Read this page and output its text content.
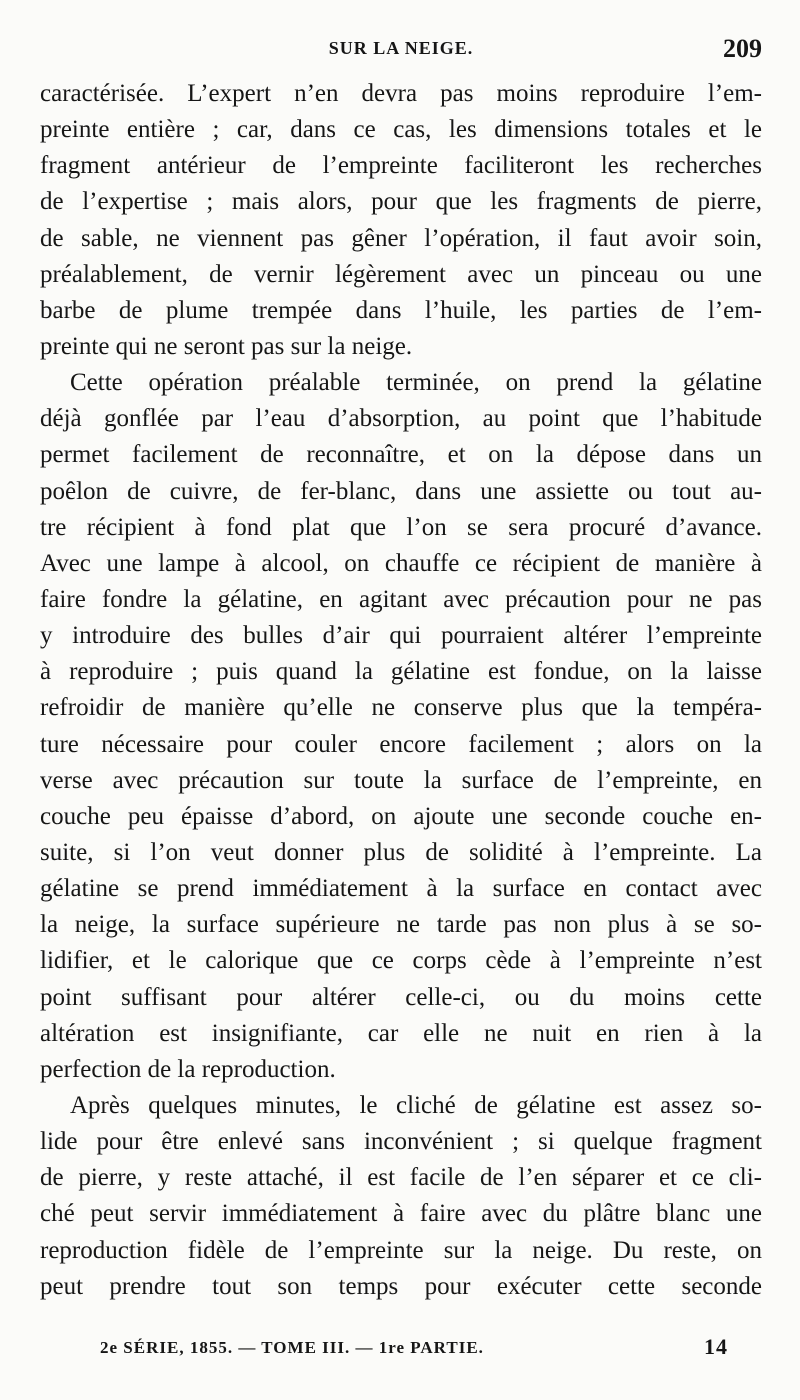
SUR LA NEIGE.	209
caractérisée. L’expert n’en devra pas moins reproduire l’em-
preinte entière ; car, dans ce cas, les dimensions totales et le
fragment antérieur de l’empreinte faciliteront les recherches
de l’expertise ; mais alors, pour que les fragments de pierre,
de sable, ne viennent pas gêner l’opération, il faut avoir soin,
préalablement, de vernir légèrement avec un pinceau ou une
barbe de plume trempée dans l’huile, les parties de l’em-
preinte qui ne seront pas sur la neige.
Cette opération préalable terminée, on prend la gélatine
déjà gonflée par l’eau d’absorption, au point que l’habitude
permet facilement de reconnaître, et on la dépose dans un
poêlon de cuivre, de fer-blanc, dans une assiette ou tout au-
tre récipient à fond plat que l’on se sera procuré d’avance.
Avec une lampe à alcool, on chauffe ce récipient de manière à
faire fondre la gélatine, en agitant avec précaution pour ne pas
y introduire des bulles d’air qui pourraient altérer l’empreinte
à reproduire ; puis quand la gélatine est fondue, on la laisse
refroidir de manière qu’elle ne conserve plus que la tempéra-
ture nécessaire pour couler encore facilement ; alors on la
verse avec précaution sur toute la surface de l’empreinte, en
couche peu épaisse d’abord, on ajoute une seconde couche en-
suite, si l’on veut donner plus de solidité à l’empreinte. La
gélatine se prend immédiatement à la surface en contact avec
la neige, la surface supérieure ne tarde pas non plus à se so-
lidifier, et le calorique que ce corps cède à l’empreinte n’est
point suffisant pour altérer celle-ci, ou du moins cette
altération est insignifiante, car elle ne nuit en rien à la
perfection de la reproduction.
Après quelques minutes, le cliché de gélatine est assez so-
lide pour être enlevé sans inconvénient ; si quelque fragment
de pierre, y reste attaché, il est facile de l’en séparer et ce cli-
ché peut servir immédiatement à faire avec du plâtre blanc une
reproduction fidèle de l’empreinte sur la neige. Du reste, on
peut prendre tout son temps pour exécuter cette seconde
2e SÉRIE, 1855. — TOME III. — 1re PARTIE.	14
